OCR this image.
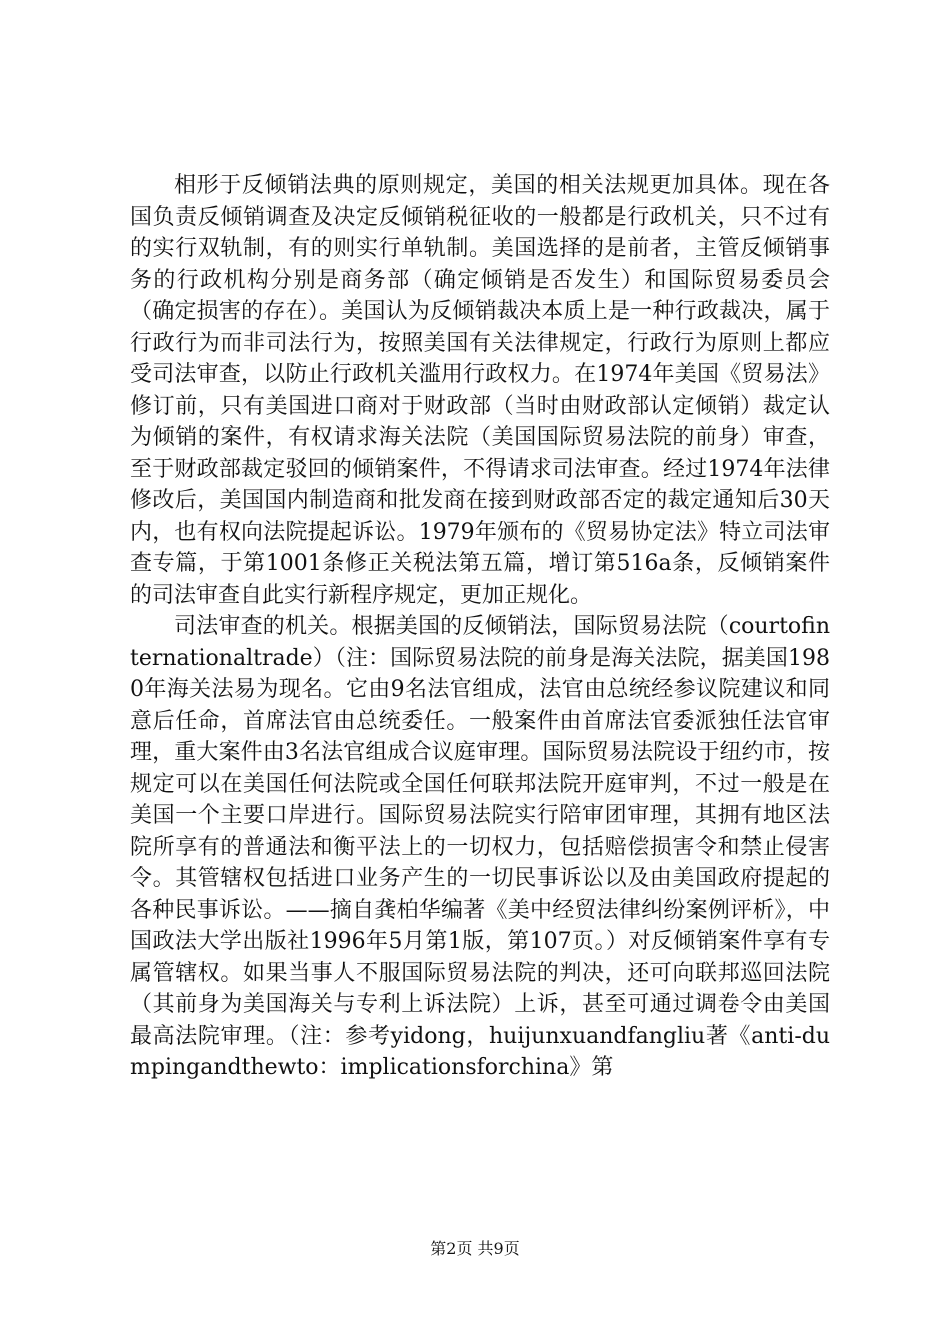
相形于反倾销法典的原则规定，美国的相关法规更加具体。现在各国负责反倾销调查及决定反倾销税征收的一般都是行政机关，只不过有的实行双轨制，有的则实行单轨制。美国选择的是前者，主管反倾销事务的行政机构分别是商务部（确定倾销是否发生）和国际贸易委员会（确定损害的存在）。美国认为反倾销裁决本质上是一种行政裁决，属于行政行为而非司法行为，按照美国有关法律规定，行政行为原则上都应受司法审查，以防止行政机关滥用行政权力。在1974年美国《贸易法》修订前，只有美国进口商对于财政部（当时由财政部认定倾销）裁定认为倾销的案件，有权请求海关法院（美国国际贸易法院的前身）审查，至于财政部裁定驳回的倾销案件，不得请求司法审查。经过1974年法律修改后，美国国内制造商和批发商在接到财政部否定的裁定通知后30天内，也有权向法院提起诉讼。1979年颁布的《贸易协定法》特立司法审查专篇，于第1001条修正关税法第五篇，增订第516a条，反倾销案件的司法审查自此实行新程序规定，更加正规化。

司法审查的机关。根据美国的反倾销法，国际贸易法院（courtofinternationaltrade）（注：国际贸易法院的前身是海关法院，据美国1980年海关法易为现名。它由9名法官组成，法官由总统经参议院建议和同意后任命，首席法官由总统委任。一般案件由首席法官委派独任法官审理，重大案件由3名法官组成合议庭审理。国际贸易法院设于纽约市，按规定可以在美国任何法院或全国任何联邦法院开庭审判，不过一般是在美国一个主要口岸进行。国际贸易法院实行陪审团审理，其拥有地区法院所享有的普通法和衡平法上的一切权力，包括赔偿损害令和禁止侵害令。其管辖权包括进口业务产生的一切民事诉讼以及由美国政府提起的各种民事诉讼。——摘自龚柏华编著《美中经贸法律纠纷案例评析》，中国政法大学出版社1996年5月第1版，第107页。）对反倾销案件享有专属管辖权。如果当事人不服国际贸易法院的判决，还可向联邦巡回法院（其前身为美国海关与专利上诉法院）上诉，甚至可通过调卷令由美国最高法院审理。（注：参考yidong，huijunxuandfangliu著《anti-dumpingandthewto：implicationsforchina》第

第2页 共9页
